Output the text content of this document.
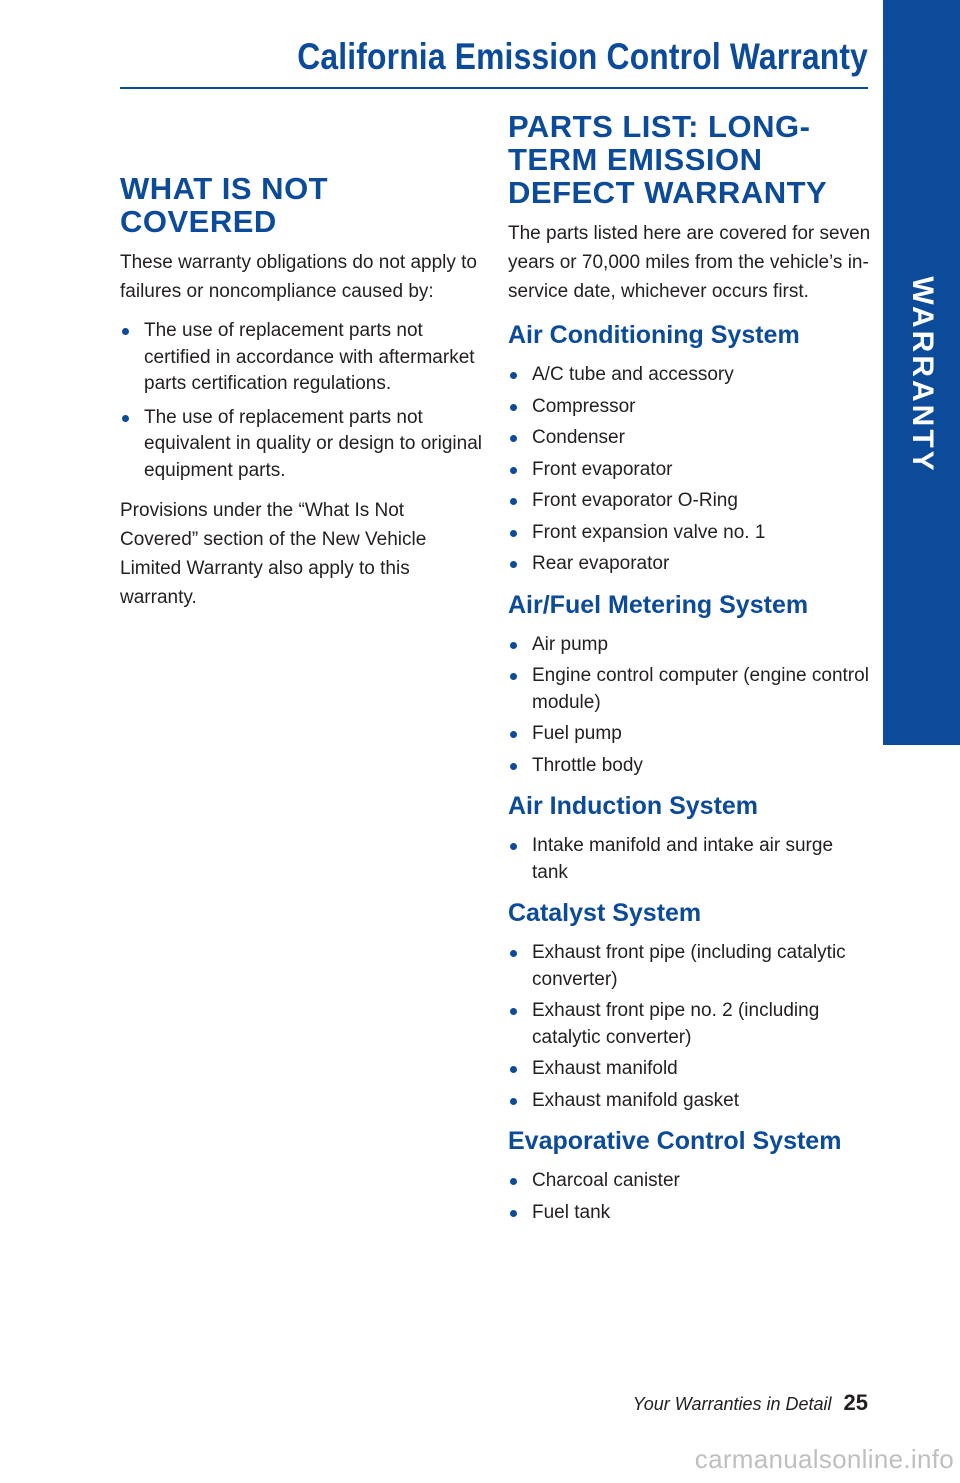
California Emission Control Warranty
WARRANTY
WHAT IS NOT COVERED

These warranty obligations do not apply to failures or noncompliance caused by:

The use of replacement parts not certified in accordance with aftermarket parts certification regulations.
The use of replacement parts not equivalent in quality or design to original equipment parts.

Provisions under the “What Is Not Covered” section of the New Vehicle Limited Warranty also apply to this warranty.

PARTS LIST: LONG-TERM EMISSION DEFECT WARRANTY

The parts listed here are covered for seven years or 70,000 miles from the vehicle’s in-service date, whichever occurs first.

Air Conditioning System
A/C tube and accessory
Compressor
Condenser
Front evaporator
Front evaporator O-Ring
Front expansion valve no. 1
Rear evaporator
Air/Fuel Metering System
Air pump
Engine control computer (engine control module)
Fuel pump
Throttle body
Air Induction System
Intake manifold and intake air surge tank
Catalyst System
Exhaust front pipe (including catalytic converter)
Exhaust front pipe no. 2 (including catalytic converter)
Exhaust manifold
Exhaust manifold gasket
Evaporative Control System
Charcoal canister
Fuel tank
Your Warranties in Detail 25
carmanualsonline.info
